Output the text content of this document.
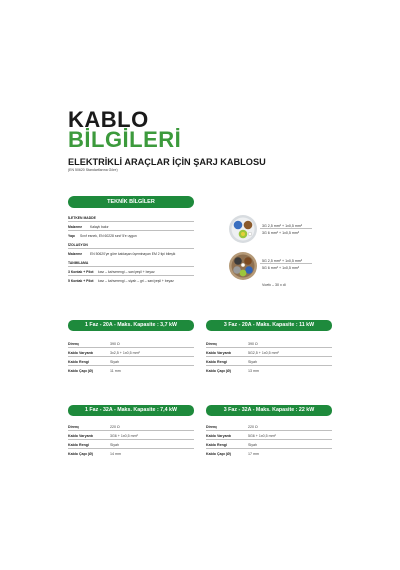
KABLO
BİLGİLERİ
ELEKTRİKLİ ARAÇLAR İÇİN ŞARJ KABLOSU
(EN 50620 Standartlarına Göre)
TEKNİK BİLGİLER
İLETKEN MADDE
Malzeme Kalaylı bakır
Yapı Sınıf esnek, EN 60228 sınıf 5'e uygun
İZOLASYON
Malzeme EN 50620'ye göre katılaşan üşeminayan EM 2 tipi bileşik
TANIMLAMA
3 Kontak + Pilot kavı – kahverengi – sarı/yeşil + beyaz
5 Kontak + Pilot kavı – kahverengi – siyah – gri – sarı/yeşil + beyaz
3G 2,5 mm² + 1x0,5 mm²
3G 6 mm² + 1x0,5 mm²
5G 2,5 mm² + 1x0,5 mm²
5G 6 mm² + 1x0,5 mm²
Vcefc – 30 x di
1 Faz - 20A - Maks. Kapasite : 3,7 kW
Direnç	390 Ω
Kablo Varyantı	3x2,5 + 1x0,5 mm²
Kablo Rengi	Siyah
Kablo Çapı (Ø)	11 mm
3 Faz - 20A - Maks. Kapasite : 11 kW
Direnç	390 Ω
Kablo Varyantı	5G2,5 + 1x0,5 mm²
Kablo Rengi	Siyah
Kablo Çapı (Ø)	13 mm
1 Faz - 32A - Maks. Kapasite : 7,4 kW
Direnç	220 Ω
Kablo Varyantı	3G6 + 1x0,5 mm²
Kablo Rengi	Siyah
Kablo Çapı (Ø)	14 mm
3 Faz - 32A - Maks. Kapasite : 22 kW
Direnç	220 Ω
Kablo Varyantı	5G6 + 1x0,5 mm²
Kablo Rengi	Siyah
Kablo Çapı (Ø)	17 mm
